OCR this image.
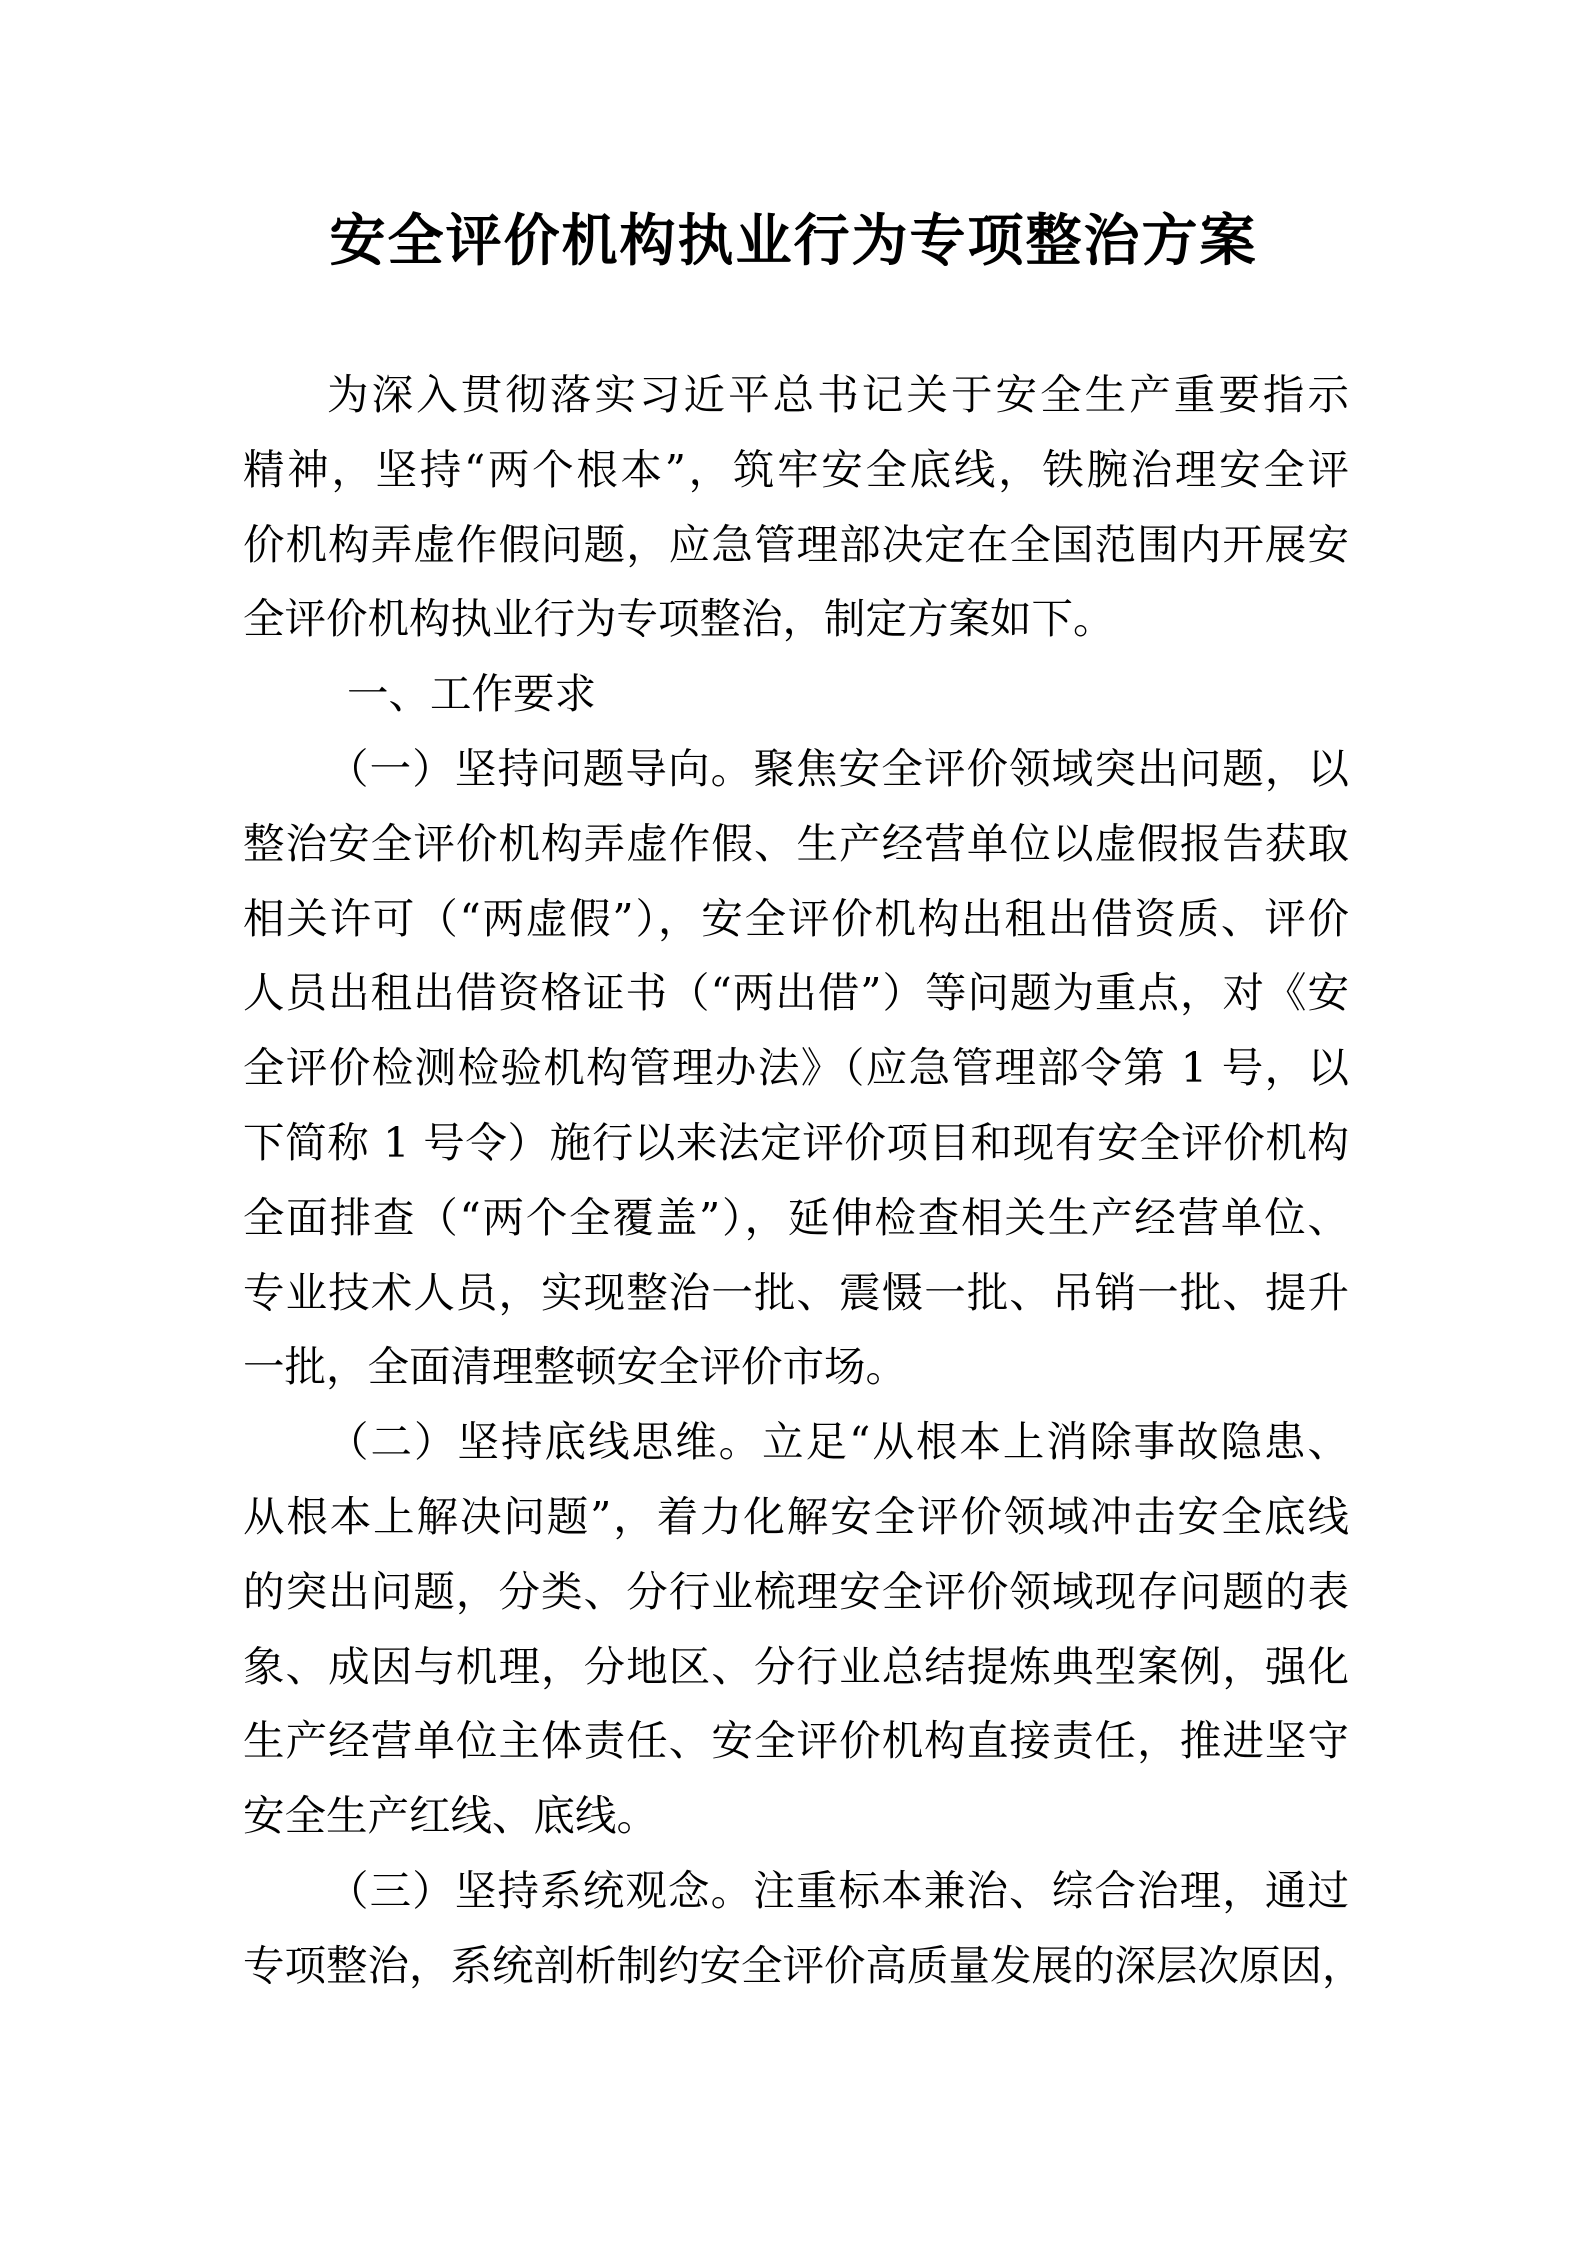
安全评价机构执业行为专项整治方案
为深入贯彻落实习近平总书记关于安全生产重要指示
精神，坚持“两个根本”，筑牢安全底线，铁腕治理安全评
价机构弄虚作假问题，应急管理部决定在全国范围内开展安
全评价机构执业行为专项整治，制定方案如下。
一、工作要求
（一）坚持问题导向。聚焦安全评价领域突出问题，以
整治安全评价机构弄虚作假、生产经营单位以虚假报告获取
相关许可（“两虚假”），安全评价机构出租出借资质、评价
人员出租出借资格证书（“两出借”）等问题为重点，对《安
全评价检测检验机构管理办法》（应急管理部令第 1 号，以
下简称 1 号令）施行以来法定评价项目和现有安全评价机构
全面排查（“两个全覆盖”），延伸检查相关生产经营单位、
专业技术人员，实现整治一批、震慑一批、吊销一批、提升
一批，全面清理整顿安全评价市场。
（二）坚持底线思维。立足“从根本上消除事故隐患、
从根本上解决问题”，着力化解安全评价领域冲击安全底线
的突出问题，分类、分行业梳理安全评价领域现存问题的表
象、成因与机理，分地区、分行业总结提炼典型案例，强化
生产经营单位主体责任、安全评价机构直接责任，推进坚守
安全生产红线、底线。
（三）坚持系统观念。注重标本兼治、综合治理，通过
专项整治，系统剖析制约安全评价高质量发展的深层次原因，
